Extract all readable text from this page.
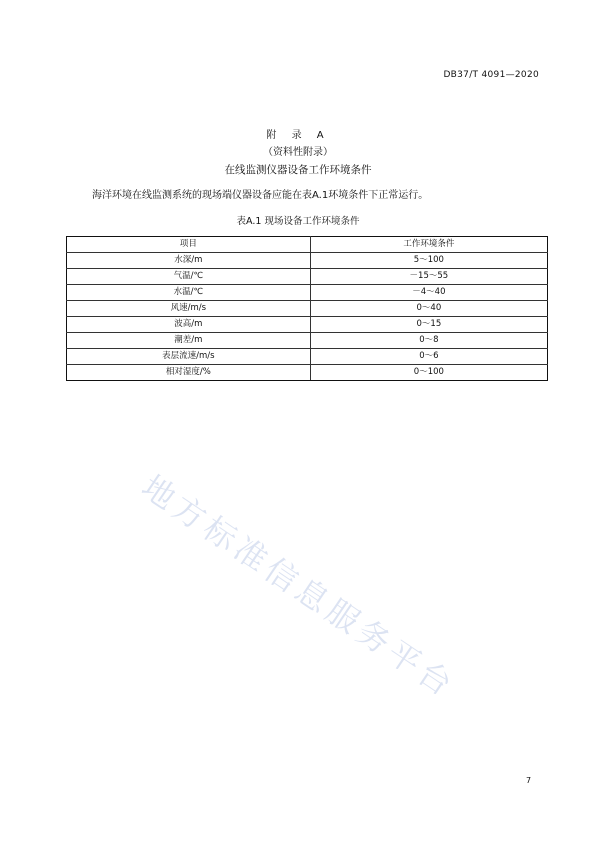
DB37/T 4091—2020

附 录 A

（资料性附录）

在线监测仪器设备工作环境条件

海洋环境在线监测系统的现场端仪器设备应能在表A.1环境条件下正常运行。
表A.1 现场设备工作环境条件
项目	工作环境条件
水深/m	5～100
气温/℃	－15～55
水温/℃	－4～40
风速/m/s	0～40
波高/m	0～15
潮差/m	0～8
表层流速/m/s	0～6
相对湿度/%	0～100
地方标准信息服务平台
7
